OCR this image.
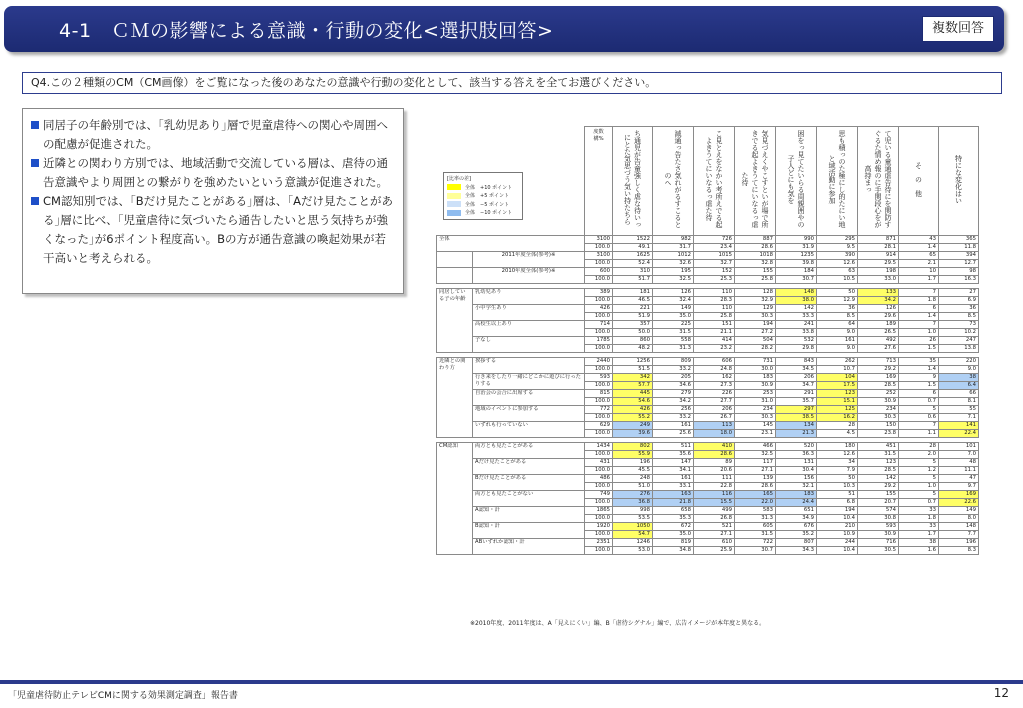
4-1　ＣＭの影響による意識・行動の変化<選択肢回答>	複数回答
Q4.この２種類のCM（CM画像）をご覧になった後のあなたの意識や行動の変化として、該当する答えを全てお選びください。
同居子の年齢別では、｢乳幼児あり｣層で児童虐待への関心や周囲への配慮が促進された。
近隣との関わり方別では、地域活動で交流している層は、虐待の通告意識やより周囲との繋がりを強めたいという意識が促進された。
CM認知別では、｢Bだけ見たことがある｣層は、｢Aだけ見たことがある｣層に比べ、｢児童虐待に気づいたら通告したいと思う気持ちが強くなった｣が6ポイント程度高い。Bの方が通告意識の喚起効果が若干高いと考えられる。
		度数
構%	ち通児が告童強しく虐な待いっにとた気思づう気い持たちら	減通っ告たさ気れがるすこるとのへ	こ見とえをなかい考所えでる起よきうてにいなるっ虐た待	気見づえくやこすといが場で所きでる起よきうてにいなるっ虐た待	困をっ見てたいらる周親囲やの子人どにも気を	思も積っのた極にし的たにい地と域活動に参加	て児いる童通虐告待にを関防すぐるた情め報のに手関段心をが高持まっ	そ　の　他	特にな変化はい

全体		3100	1522	982	726	887	990	295	871	43	365
		100.0	49.1	31.7	23.4	28.6	31.9	9.5	28.1	1.4	11.8
	2011年度全体(参考)※	3100	1625	1012	1015	1018	1235	390	914	65	394
		100.0	52.4	32.6	32.7	32.8	39.8	12.6	29.5	2.1	12.7
	2010年度全体(参考)※	600	310	195	152	155	184	63	198	10	98
		100.0	51.7	32.5	25.3	25.8	30.7	10.5	33.0	1.7	16.3

同居している子の年齢	乳幼児あり	389	181	126	110	128	148	50	133	7	27
		100.0	46.5	32.4	28.3	32.9	38.0	12.9	34.2	1.8	6.9
	小中学生あり	426	221	149	110	129	142	36	126	6	36
		100.0	51.9	35.0	25.8	30.3	33.3	8.5	29.6	1.4	8.5
	高校生以上あり	714	357	225	151	194	241	64	189	7	73
		100.0	50.0	31.5	21.1	27.2	33.8	9.0	26.5	1.0	10.2
	子なし	1785	860	558	414	504	532	161	492	26	247
		100.0	48.2	31.3	23.2	28.2	29.8	9.0	27.6	1.5	13.8

近隣との関わり方	挨拶する	2440	1256	809	606	731	843	262	713	35	220
		100.0	51.5	33.2	24.8	30.0	34.5	10.7	29.2	1.4	9.0
	行き来をしたり一緒にどこかに遊びに行ったりする	593	342	205	162	183	206	104	169	9	38
		100.0	57.7	34.6	27.3	30.9	34.7	17.5	28.5	1.5	6.4
	自治会の会合に出席する	815	445	279	226	253	291	123	252	6	66
		100.0	54.6	34.2	27.7	31.0	35.7	15.1	30.9	0.7	8.1
	地域のイベントに参加する	772	426	256	206	234	297	125	234	5	55
		100.0	55.2	33.2	26.7	30.3	38.5	16.2	30.3	0.6	7.1
	いずれも行っていない	629	249	161	113	145	134	28	150	7	141
		100.0	39.6	25.6	18.0	23.1	21.3	4.5	23.8	1.1	22.4

CM認知	両方とも見たことがある	1434	802	511	410	466	520	180	451	28	101
		100.0	55.9	35.6	28.6	32.5	36.3	12.6	31.5	2.0	7.0
	Aだけ見たことがある	431	196	147	89	117	131	34	123	5	48
		100.0	45.5	34.1	20.6	27.1	30.4	7.9	28.5	1.2	11.1
	Bだけ見たことがある	486	248	161	111	139	156	50	142	5	47
		100.0	51.0	33.1	22.8	28.6	32.1	10.3	29.2	1.0	9.7
	両方とも見たことがない	749	276	163	116	165	183	51	155	5	169
		100.0	36.8	21.8	15.5	22.0	24.4	6.8	20.7	0.7	22.6
	A認知・計	1865	998	658	499	583	651	194	574	33	149
		100.0	53.5	35.3	26.8	31.3	34.9	10.4	30.8	1.8	8.0
	B認知・計	1920	1050	672	521	605	676	210	593	33	148
		100.0	54.7	35.0	27.1	31.5	35.2	10.9	30.9	1.7	7.7
	ABいずれか認知・計	2351	1246	819	610	722	807	244	716	38	196
		100.0	53.0	34.8	25.9	30.7	34.3	10.4	30.5	1.6	8.3
[比率の差]
全体　+10 ポイント
全体　+5 ポイント
全体　−5 ポイント
全体　−10 ポイント
※2010年度、2011年度は、A「見えにくい」編、B「虐待シグナル」編で、広告イメージが本年度と異なる。
「児童虐待防止テレビCMに関する効果測定調査」報告書	12
